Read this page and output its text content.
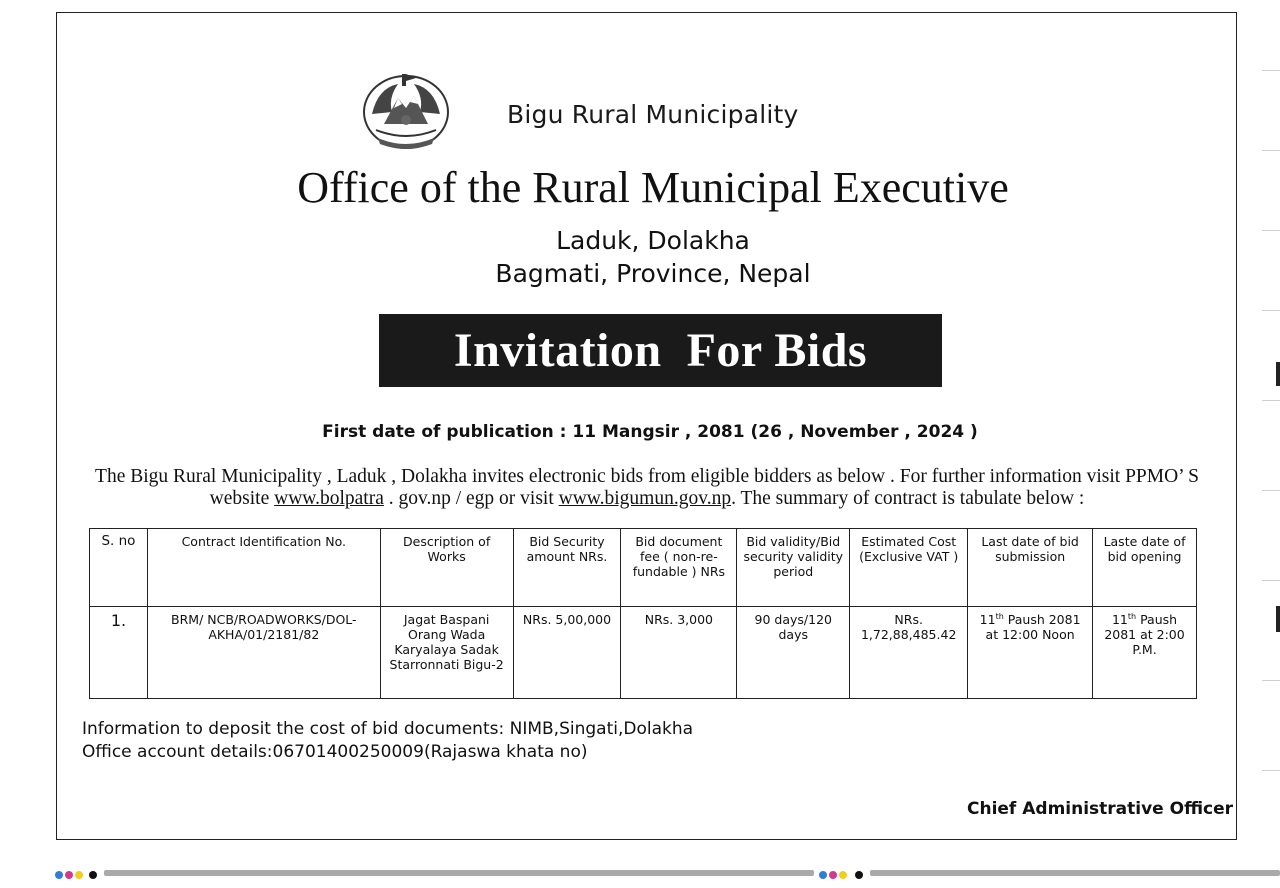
Bigu Rural Municipality
Office of the Rural Municipal Executive
Laduk, Dolakha
Bagmati, Province, Nepal
Invitation  For Bids
First date of publication : 11 Mangsir , 2081 (26 , November , 2024 )
The Bigu Rural Municipality , Laduk , Dolakha invites electronic bids from eligible bidders as below . For further information visit PPMO’ S website www.bolpatra . gov.np / egp or visit www.bigumun.gov.np. The summary of contract is tabulate below :
S. no	Contract Identification No.	Description of Works	Bid Security amount NRs.	Bid document fee ( non-re-fundable ) NRs	Bid validity/Bid security validity period	Estimated Cost (Exclusive VAT )	Last date of bid submission	Laste date of bid opening
1.	BRM/ NCB/ROADWORKS/DOL-AKHA/01/2181/82	Jagat Baspani Orang Wada Karyalaya Sadak Starronnati Bigu-2	NRs. 5,00,000	NRs. 3,000	90 days/120 days	NRs. 1,72,88,485.42	11th Paush 2081 at 12:00 Noon	11th Paush 2081 at 2:00 P.M.
Information to deposit the cost of bid documents: NIMB,Singati,Dolakha
Office account details:06701400250009(Rajaswa khata no)
Chief Administrative Officer
